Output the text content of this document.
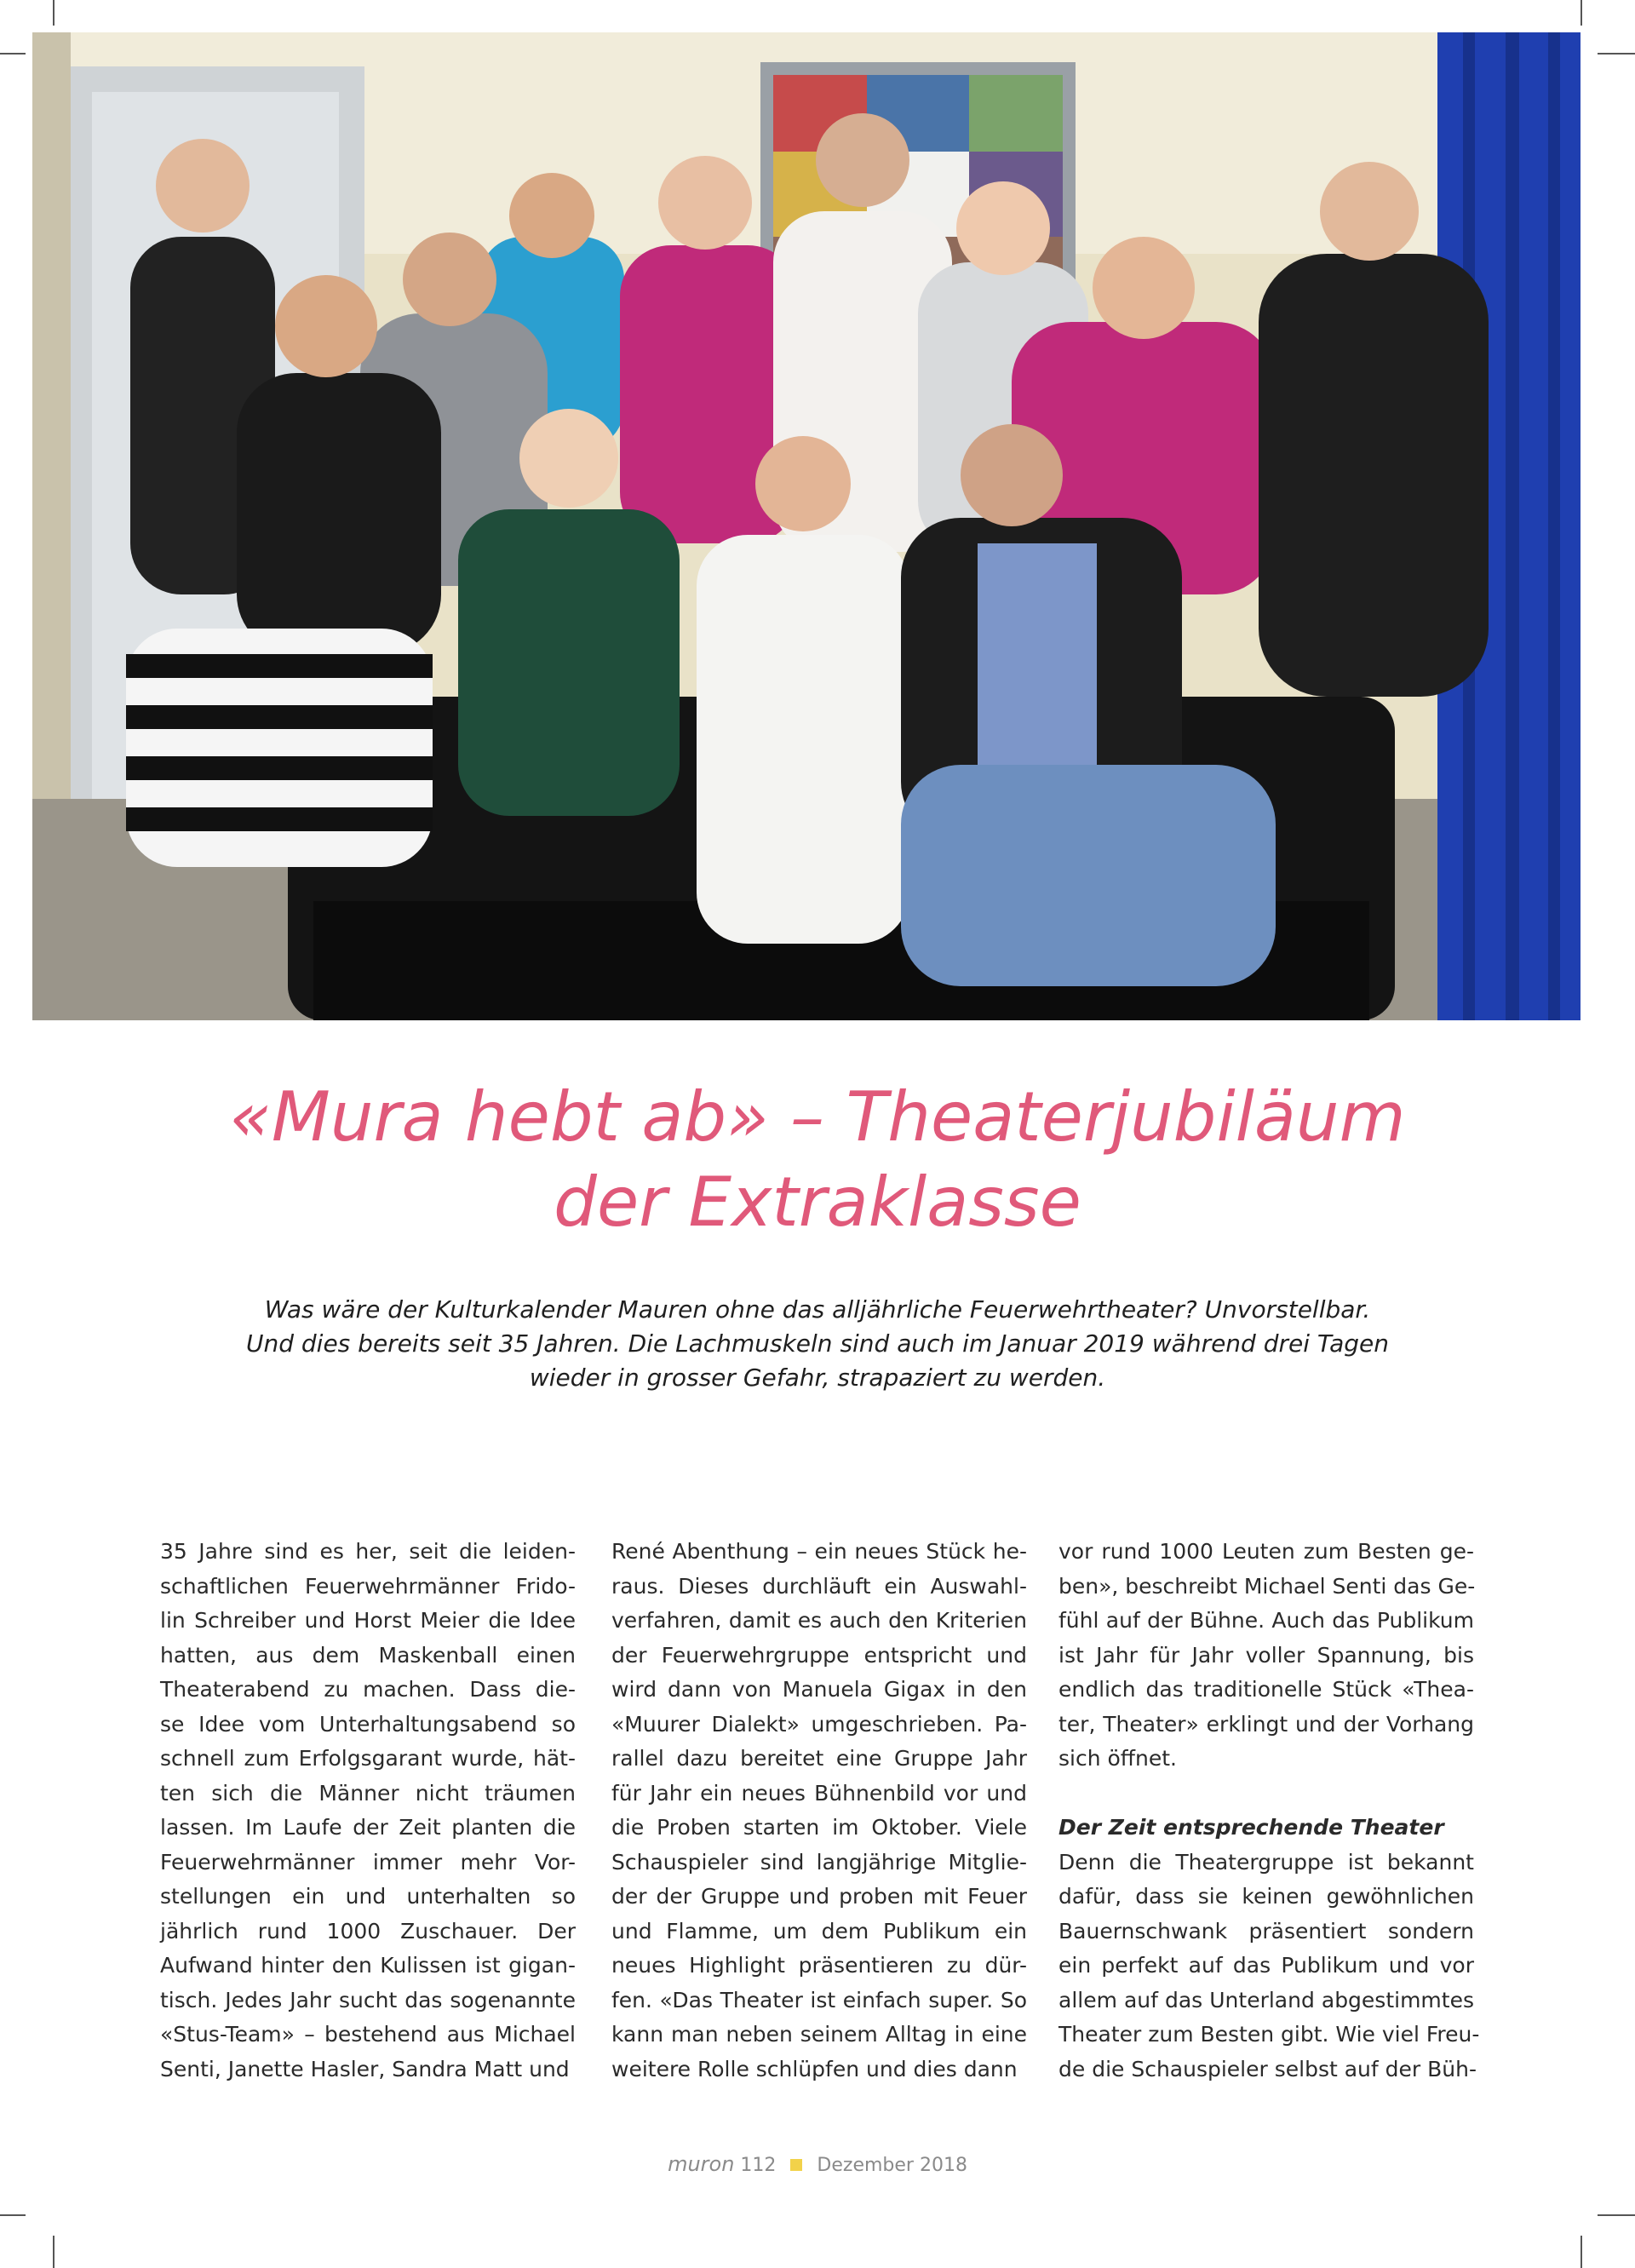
«Mura hebt ab» – Theaterjubiläum
der Extraklasse
Was wäre der Kulturkalender Mauren ohne das alljährliche Feuerwehrtheater? Unvorstellbar.
Und dies bereits seit 35 Jahren. Die Lachmuskeln sind auch im Januar 2019 während drei Tagen
wieder in grosser Gefahr, strapaziert zu werden.
35 Jahre sind es her, seit die leiden-
schaftlichen Feuerwehrmänner Frido-
lin Schreiber und Horst Meier die Idee
hatten, aus dem Maskenball einen
Theaterabend zu machen. Dass die-
se Idee vom Unterhaltungsabend so
schnell zum Erfolgsgarant wurde, hät-
ten sich die Männer nicht träumen
lassen. Im Laufe der Zeit planten die
Feuerwehrmänner immer mehr Vor-
stellungen ein und unterhalten so
jährlich rund 1000 Zuschauer. Der
Aufwand hinter den Kulissen ist gigan-
tisch. Jedes Jahr sucht das sogenannte
«Stus-Team» – bestehend aus Michael
Senti, Janette Hasler, Sandra Matt und
René Abenthung – ein neues Stück he-
raus. Dieses durchläuft ein Auswahl-
verfahren, damit es auch den Kriterien
der Feuerwehrgruppe entspricht und
wird dann von Manuela Gigax in den
«Muurer Dialekt» umgeschrieben. Pa-
rallel dazu bereitet eine Gruppe Jahr
für Jahr ein neues Bühnenbild vor und
die Proben starten im Oktober. Viele
Schauspieler sind langjährige Mitglie-
der der Gruppe und proben mit Feuer
und Flamme, um dem Publikum ein
neues Highlight präsentieren zu dür-
fen. «Das Theater ist einfach super. So
kann man neben seinem Alltag in eine
weitere Rolle schlüpfen und dies dann
vor rund 1000 Leuten zum Besten ge-
ben», beschreibt Michael Senti das Ge-
fühl auf der Bühne. Auch das Publikum
ist Jahr für Jahr voller Spannung, bis
endlich das traditionelle Stück «Thea-
ter, Theater» erklingt und der Vorhang
sich öffnet.
Der Zeit entsprechende Theater
Denn die Theatergruppe ist bekannt
dafür, dass sie keinen gewöhnlichen
Bauernschwank präsentiert sondern
ein perfekt auf das Publikum und vor
allem auf das Unterland abgestimmtes
Theater zum Besten gibt. Wie viel Freu-
de die Schauspieler selbst auf der Büh-
muron 112 Dezember 2018
